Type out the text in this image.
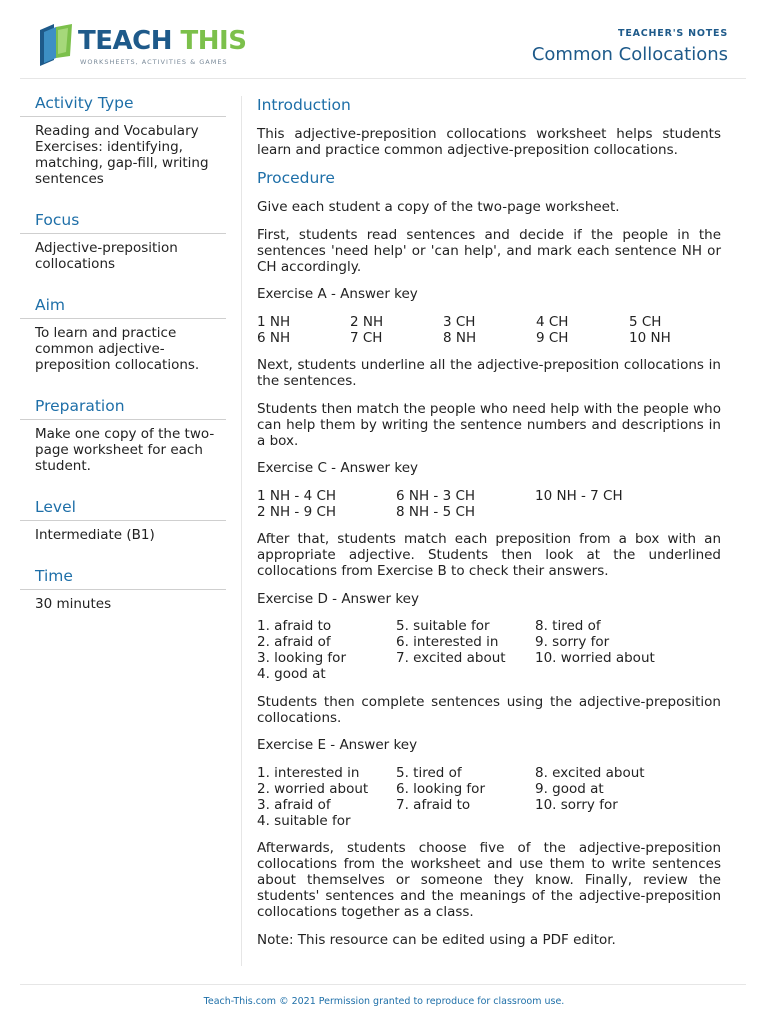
TEACH THIS
WORKSHEETS, ACTIVITIES & GAMES
TEACHER'S NOTES
Common Collocations
Activity Type
Reading and Vocabulary Exercises: identifying, matching, gap-fill, writing sentences
Focus
Adjective-preposition collocations
Aim
To learn and practice common adjective-preposition collocations.
Preparation
Make one copy of the two-page worksheet for each student.
Level
Intermediate (B1)
Time
30 minutes
Introduction

This adjective-preposition collocations worksheet helps students learn and practice common adjective-preposition collocations.

Procedure

Give each student a copy of the two-page worksheet.

First, students read sentences and decide if the people in the sentences 'need help' or 'can help', and mark each sentence NH or CH accordingly.

Exercise A - Answer key

1 NH	2 NH	3 CH	4 CH	5 CH
6 NH	7 CH	8 NH	9 CH	10 NH

Next, students underline all the adjective-preposition collocations in the sentences.

Students then match the people who need help with the people who can help them by writing the sentence numbers and descriptions in a box.

Exercise C - Answer key

1 NH - 4 CH	6 NH - 3 CH	10 NH - 7 CH
2 NH - 9 CH	8 NH - 5 CH

After that, students match each preposition from a box with an appropriate adjective. Students then look at the underlined collocations from Exercise B to check their answers.

Exercise D - Answer key

1. afraid to	5. suitable for	8. tired of
2. afraid of	6. interested in	9. sorry for
3. looking for	7. excited about	10. worried about
4. good at

Students then complete sentences using the adjective-preposition collocations.

Exercise E - Answer key

1. interested in	5. tired of	8. excited about
2. worried about	6. looking for	9. good at
3. afraid of	7. afraid to	10. sorry for
4. suitable for

Afterwards, students choose five of the adjective-preposition collocations from the worksheet and use them to write sentences about themselves or someone they know. Finally, review the students' sentences and the meanings of the adjective-preposition collocations together as a class.

Note: This resource can be edited using a PDF editor.

Teach-This.com © 2021 Permission granted to reproduce for classroom use.
